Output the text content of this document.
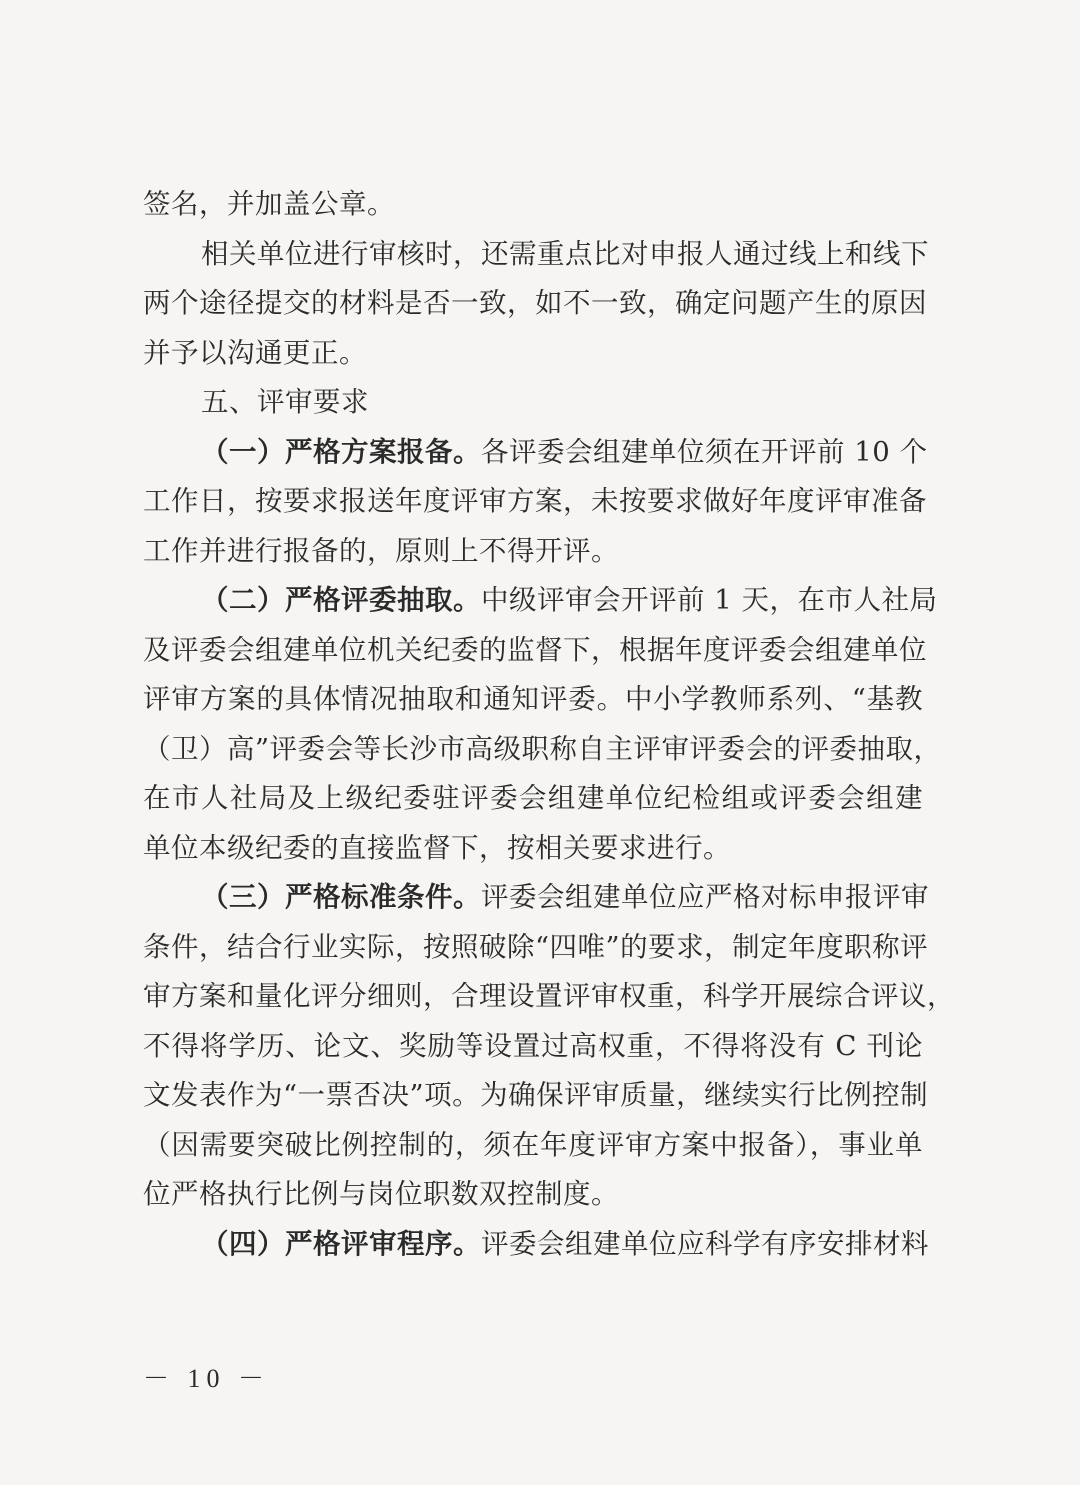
签名，并加盖公章。
相关单位进行审核时，还需重点比对申报人通过线上和线下
两个途径提交的材料是否一致，如不一致，确定问题产生的原因
并予以沟通更正。
五、评审要求
（一）严格方案报备。各评委会组建单位须在开评前 10 个
工作日，按要求报送年度评审方案，未按要求做好年度评审准备
工作并进行报备的，原则上不得开评。
（二）严格评委抽取。中级评审会开评前 1 天，在市人社局
及评委会组建单位机关纪委的监督下，根据年度评委会组建单位
评审方案的具体情况抽取和通知评委。中小学教师系列、“基教
（卫）高”评委会等长沙市高级职称自主评审评委会的评委抽取，
在市人社局及上级纪委驻评委会组建单位纪检组或评委会组建
单位本级纪委的直接监督下，按相关要求进行。
（三）严格标准条件。评委会组建单位应严格对标申报评审
条件，结合行业实际，按照破除“四唯”的要求，制定年度职称评
审方案和量化评分细则，合理设置评审权重，科学开展综合评议，
不得将学历、论文、奖励等设置过高权重，不得将没有 C 刊论
文发表作为“一票否决”项。为确保评审质量，继续实行比例控制
（因需要突破比例控制的，须在年度评审方案中报备），事业单
位严格执行比例与岗位职数双控制度。
（四）严格评审程序。评委会组建单位应科学有序安排材料
－ 10 －
